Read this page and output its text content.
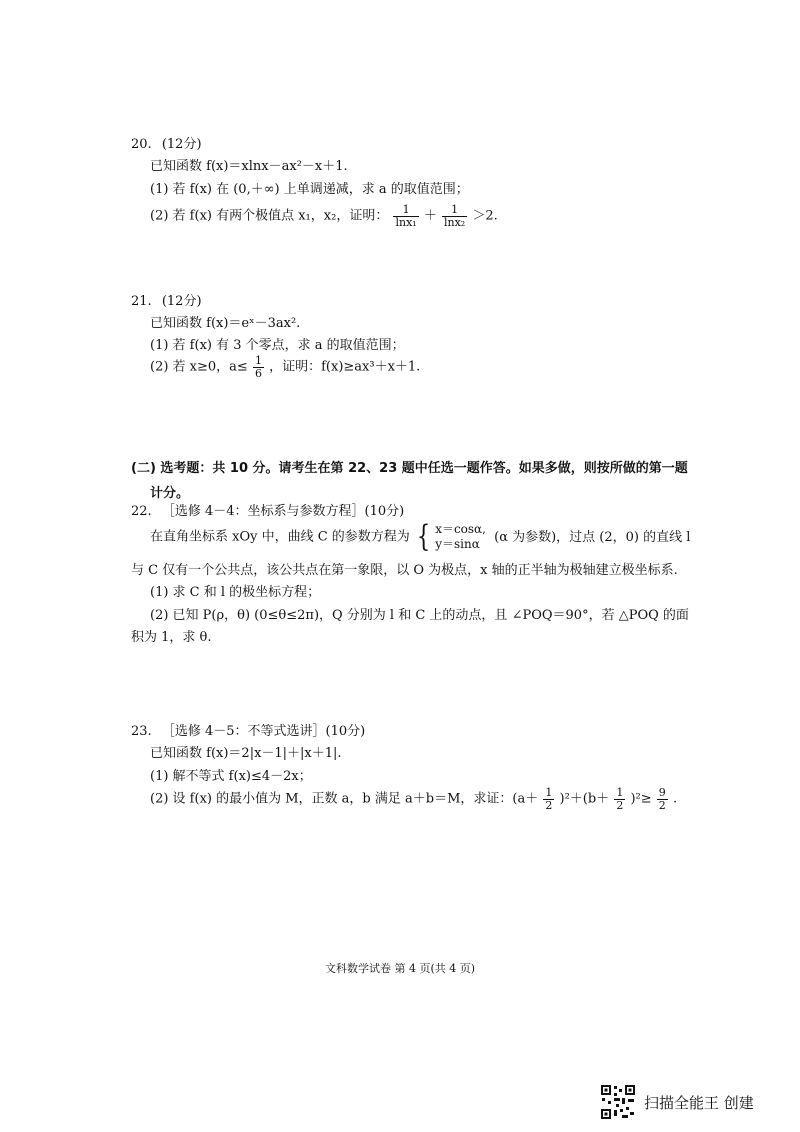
20. (12分)
已知函数 f(x)＝xlnx－ax²－x＋1.
(1) 若 f(x) 在 (0,＋∞) 上单调递减，求 a 的取值范围；
(2) 若 f(x) 有两个极值点 x₁，x₂，证明： $\frac{1}{\text{lnx₁}} + \frac{1}{\text{lnx₂}} >2$.
21. (12分)
已知函数 f(x)＝eˣ－3ax².
(1) 若 f(x) 有 3 个零点，求 a 的取值范围；
(2) 若 x≥0，$a\le \frac{1}{6}$ ，证明：f(x)≥ax³＋x＋1.
(二) 选考题：共 10 分。请考生在第 22、23 题中任选一题作答。如果多做，则按所做的第一题
计分。
22. ［选修 4－4：坐标系与参数方程］(10分)
在直角坐标系 xOy 中，曲线 C 的参数方程为 { x＝cosα,
y＝sinα	(α 为参数)，过点 (2，0) 的直线 l
与 C 仅有一个公共点，该公共点在第一象限，以 O 为极点，x 轴的正半轴为极轴建立极坐标系.
(1) 求 C 和 l 的极坐标方程；
(2) 已知 P(ρ，θ) (0≤θ≤2π)，Q 分别为 l 和 C 上的动点，且 ∠POQ＝90°，若 △POQ 的面
积为 1，求 θ.
23. ［选修 4－5：不等式选讲］(10分)
已知函数 f(x)＝2|x－1|＋|x＋1|.
(1) 解不等式 f(x)≤4－2x；
(2) 设 f(x) 的最小值为 M，正数 a，b 满足 a＋b＝M，求证：$(a+ \frac{1}{2} )^2+(b+ \frac{1}{2} )^2\ge \frac{9}{2}$ .
文科数学试卷 第 4 页(共 4 页)
扫描全能王 创建
